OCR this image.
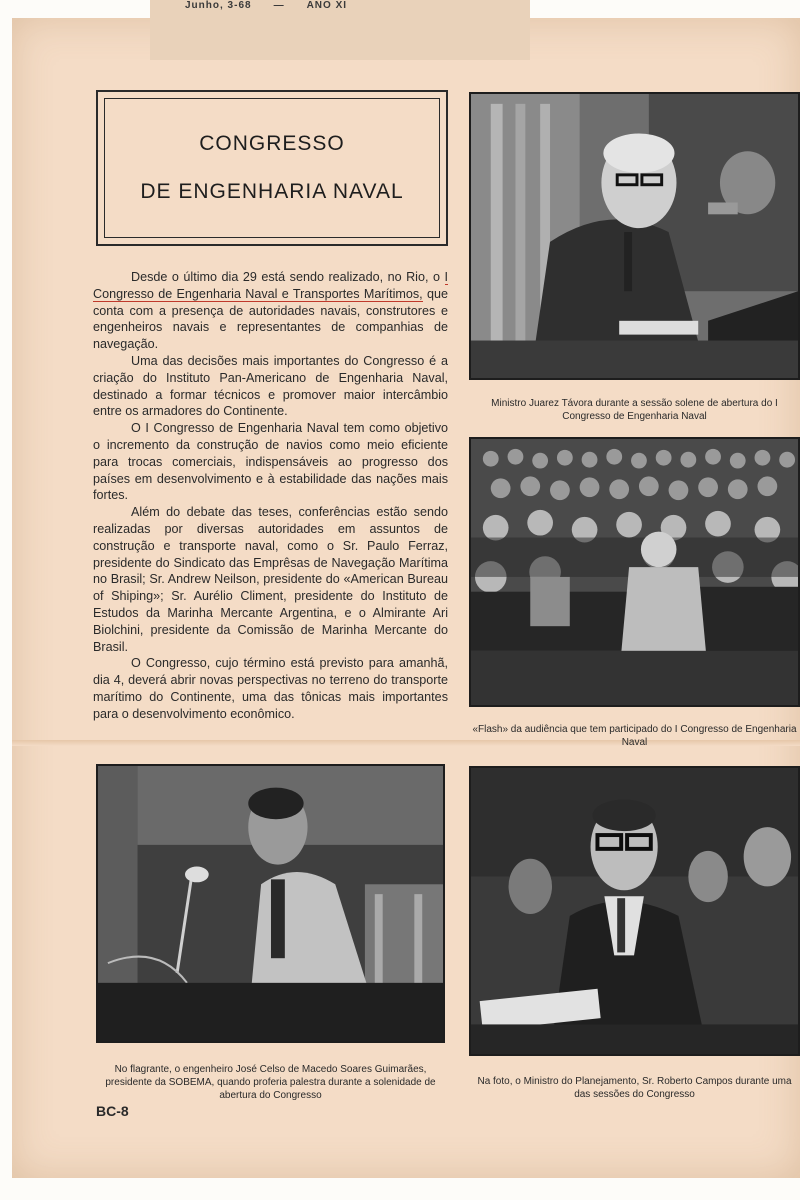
Junho, 3-68 — ANO XI
CONGRESSO
DE ENGENHARIA NAVAL

Desde o último dia 29 está sendo realizado, no Rio, o I Congresso de Engenharia Naval e Transportes Marítimos, que conta com a presença de autoridades navais, construtores e engenheiros navais e representantes de companhias de navegação.

Uma das decisões mais importantes do Congresso é a criação do Instituto Pan-Americano de Engenharia Naval, destinado a formar técnicos e promover maior intercâmbio entre os armadores do Continente.

O I Congresso de Engenharia Naval tem como objetivo o incremento da construção de navios como meio eficiente para trocas comerciais, indispensáveis ao progresso dos países em desenvolvimento e à estabilidade das nações mais fortes.

Além do debate das teses, conferências estão sendo realizadas por diversas autoridades em assuntos de construção e transporte naval, como o Sr. Paulo Ferraz, presidente do Sindicato das Emprêsas de Navegação Marítima no Brasil; Sr. Andrew Neilson, presidente do «American Bureau of Shiping»; Sr. Aurélio Climent, presidente do Instituto de Estudos da Marinha Mercante Argentina, e o Almirante Ari Biolchini, presidente da Comissão de Marinha Mercante do Brasil.

O Congresso, cujo término está previsto para amanhã, dia 4, deverá abrir novas perspectivas no terreno do transporte marítimo do Continente, uma das tônicas mais importantes para o desenvolvimento econômico.

Ministro Juarez Távora durante a sessão solene de abertura do I Congresso de Engenharia Naval
«Flash» da audiência que tem participado do I Congresso de Engenharia Naval
No flagrante, o engenheiro José Celso de Macedo Soares Guimarães, presidente da SOBEMA, quando proferia palestra durante a solenidade de abertura do Congresso
Na foto, o Ministro do Planejamento, Sr. Roberto Campos durante uma das sessões do Congresso
BC-8
